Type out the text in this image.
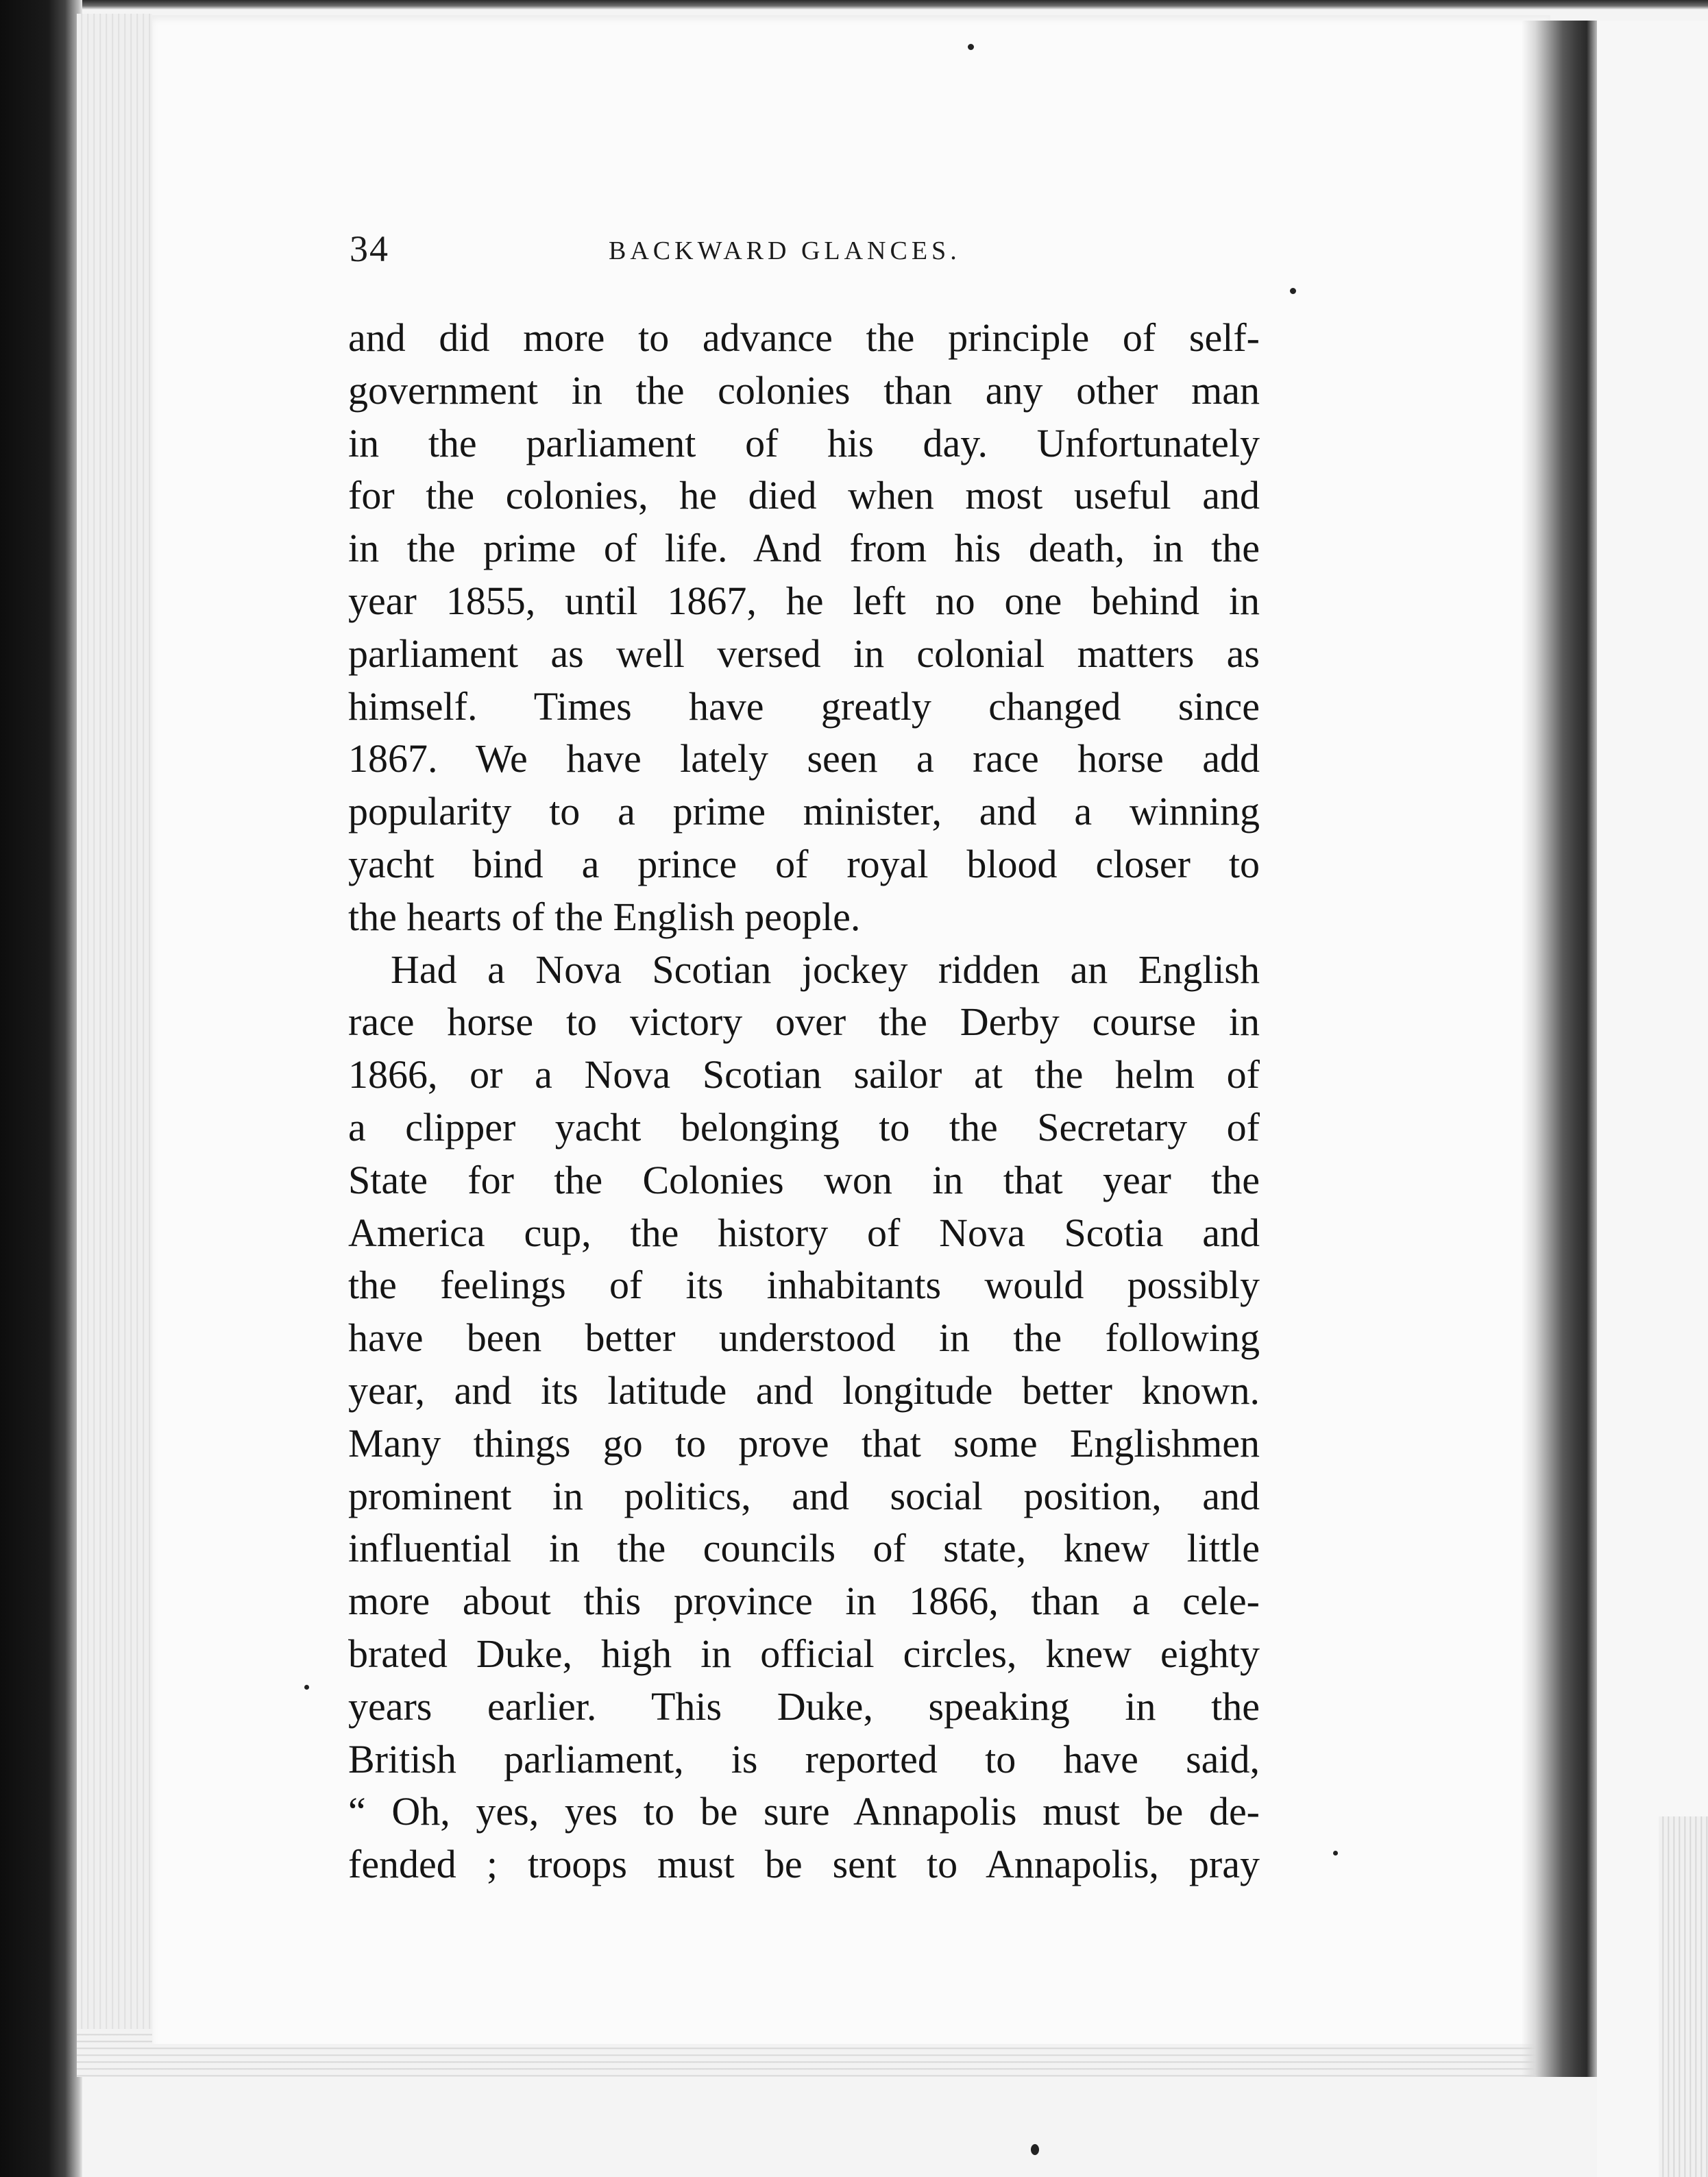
34	BACKWARD GLANCES.
and did more to advance the principle of self-
government in the colonies than any other man
in the parliament of his day. Unfortunately
for the colonies, he died when most useful and
in the prime of life. And from his death, in the
year 1855, until 1867, he left no one behind in
parliament as well versed in colonial matters as
himself. Times have greatly changed since
1867. We have lately seen a race horse add
popularity to a prime minister, and a winning
yacht bind a prince of royal blood closer to
the hearts of the English people.
Had a Nova Scotian jockey ridden an English
race horse to victory over the Derby course in
1866, or a Nova Scotian sailor at the helm of
a clipper yacht belonging to the Secretary of
State for the Colonies won in that year the
America cup, the history of Nova Scotia and
the feelings of its inhabitants would possibly
have been better understood in the following
year, and its latitude and longitude better known.
Many things go to prove that some Englishmen
prominent in politics, and social position, and
influential in the councils of state, knew little
more about this province in 1866, than a cele-
brated Duke, high in official circles, knew eighty
years earlier. This Duke, speaking in the
British parliament, is reported to have said,
“ Oh, yes, yes to be sure Annapolis must be de-
fended ; troops must be sent to Annapolis, pray
